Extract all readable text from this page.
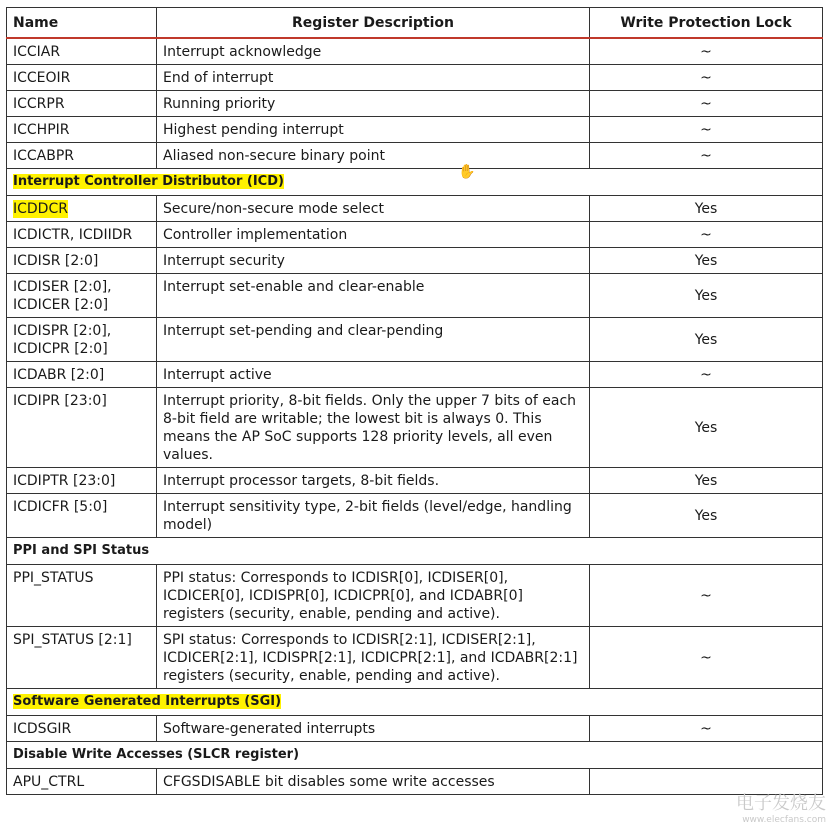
Name	Register Description	Write Protection Lock

ICCIAR	Interrupt acknowledge	~

ICCEOIR	End of interrupt	~

ICCRPR	Running priority	~

ICCHPIR	Highest pending interrupt	~

ICCABPR	Aliased non-secure binary point	~
Interrupt Controller Distributor (ICD)		
ICDDCR	Secure/non-secure mode select	Yes

ICDICTR, ICDIIDR	Controller implementation	~

ICDISR [2:0]	Interrupt security	Yes

ICDISER [2:0],
ICDICER [2:0]	Interrupt set-enable and clear-enable	Yes

ICDISPR [2:0],
ICDICPR [2:0]	Interrupt set-pending and clear-pending	Yes

ICDABR [2:0]	Interrupt active	~

ICDIPR [23:0]	Interrupt priority, 8-bit fields. Only the upper 7 bits of each 8-bit field are writable; the lowest bit is always 0. This means the AP SoC supports 128 priority levels, all even values.	Yes

ICDIPTR [23:0]	Interrupt processor targets, 8-bit fields.	Yes

ICDICFR [5:0]	Interrupt sensitivity type, 2-bit fields (level/edge, handling model)	Yes
PPI and SPI Status		

PPI_STATUS	PPI status: Corresponds to ICDISR[0], ICDISER[0], ICDICER[0], ICDISPR[0], ICDICPR[0], and ICDABR[0] registers (security, enable, pending and active).	~

SPI_STATUS [2:1]	SPI status: Corresponds to ICDISR[2:1], ICDISER[2:1], ICDICER[2:1], ICDISPR[2:1], ICDICPR[2:1], and ICDABR[2:1] registers (security, enable, pending and active).	~
Software Generated Interrupts (SGI)		

ICDSGIR	Software-generated interrupts	~
Disable Write Accesses (SLCR register)		

APU_CTRL	CFGSDISABLE bit disables some write accesses	
✋
电子发烧友
www.elecfans.com
